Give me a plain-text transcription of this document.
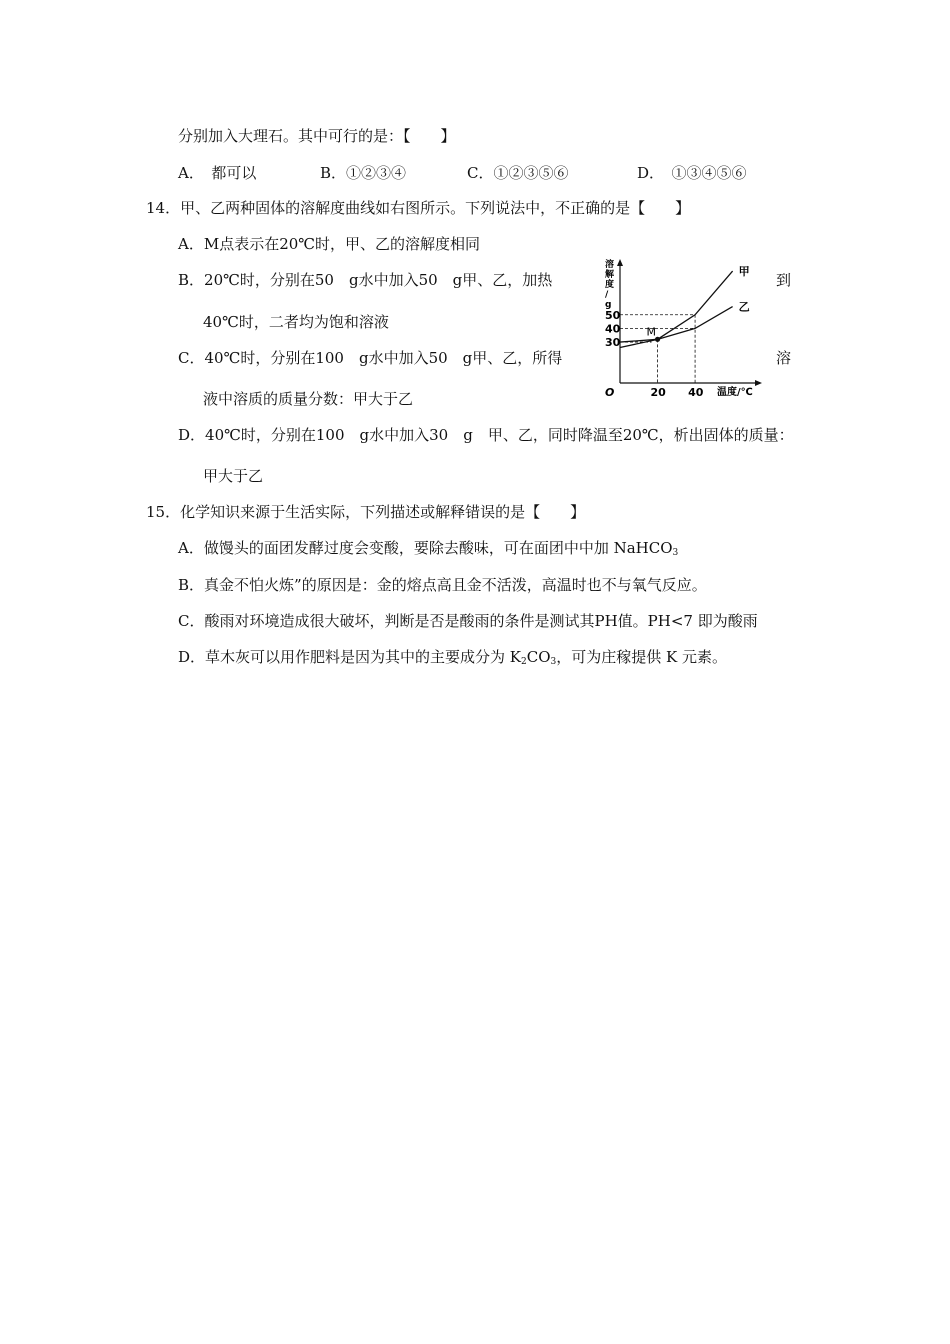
分别加入大理石。其中可行的是：【　　】
A．　都可以	B．①②③④	C．①②③⑤⑥	D．　①③④⑤⑥
14．甲、乙两种固体的溶解度曲线如右图所示。下列说法中，不正确的是【　　】
A．M点表示在20℃时，甲、乙的溶解度相同
B．20℃时，分别在50　g水中加入50　g甲、乙，加热	到
40℃时，二者均为饱和溶液
C．40℃时，分别在100　g水中加入50　g甲、乙，所得	溶
液中溶质的质量分数：甲大于乙
D．40℃时，分别在100　g水中加入30　g　甲、乙，同时降温至20℃，析出固体的质量：
甲大于乙
甲
乙
溶
解
度
/
g
O	温度/℃
30
40
50
20 40
M
15．化学知识来源于生活实际，下列描述或解释错误的是【　　】
A．做馒头的面团发酵过度会变酸，要除去酸味，可在面团中中加 NaHCO$_3$
B．真金不怕火炼”的原因是：金的熔点高且金不活泼，高温时也不与氧气反应。
C．酸雨对环境造成很大破坏，判断是否是酸雨的条件是测试其PH值。PH<7 即为酸雨
D．草木灰可以用作肥料是因为其中的主要成分为 $K_2CO_3$，可为庄稼提供 K 元素。
